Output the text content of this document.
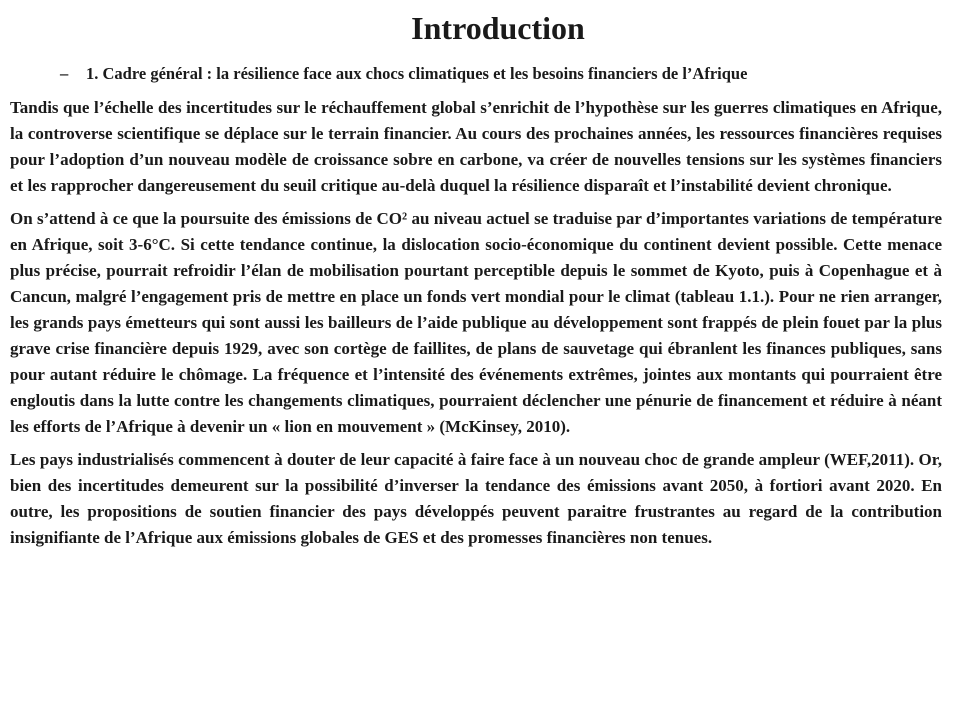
Introduction
–	1. Cadre général : la résilience face aux chocs climatiques et les besoins financiers de l’Afrique

Tandis que l’échelle des incertitudes sur le réchauffement global s’enrichit de l’hypothèse sur les guerres climatiques en Afrique, la controverse scientifique se déplace sur le terrain financier. Au cours des prochaines années, les ressources financières requises pour l’adoption d’un nouveau modèle de croissance sobre en carbone, va créer de nouvelles tensions sur les systèmes financiers et les rapprocher dangereusement du seuil critique au-delà duquel la résilience disparaît et l’instabilité devient chronique.

On s’attend à ce que la poursuite des émissions de CO² au niveau actuel se traduise par d’importantes variations de température en Afrique, soit 3-6°C. Si cette tendance continue, la dislocation socio-économique du continent devient possible. Cette menace plus précise, pourrait refroidir l’élan de mobilisation pourtant perceptible depuis le sommet de Kyoto, puis à Copenhague et à Cancun, malgré l’engagement pris de mettre en place un fonds vert mondial pour le climat (tableau 1.1.). Pour ne rien arranger, les grands pays émetteurs qui sont aussi les bailleurs de l’aide publique au développement sont frappés de plein fouet par la plus grave crise financière depuis 1929, avec son cortège de faillites, de plans de sauvetage qui ébranlent les finances publiques, sans pour autant réduire le chômage. La fréquence et l’intensité des événements extrêmes, jointes aux montants qui pourraient être engloutis dans la lutte contre les changements climatiques, pourraient déclencher une pénurie de financement et réduire à néant les efforts de l’Afrique à devenir un « lion en mouvement » (McKinsey, 2010).

Les pays industrialisés commencent à douter de leur capacité à faire face à un nouveau choc de grande ampleur (WEF,2011). Or, bien des incertitudes demeurent sur la possibilité d’inverser la tendance des émissions avant 2050, à fortiori avant 2020. En outre, les propositions de soutien financier des pays développés peuvent paraitre frustrantes au regard de la contribution insignifiante de l’Afrique aux émissions globales de GES et des promesses financières non tenues.
